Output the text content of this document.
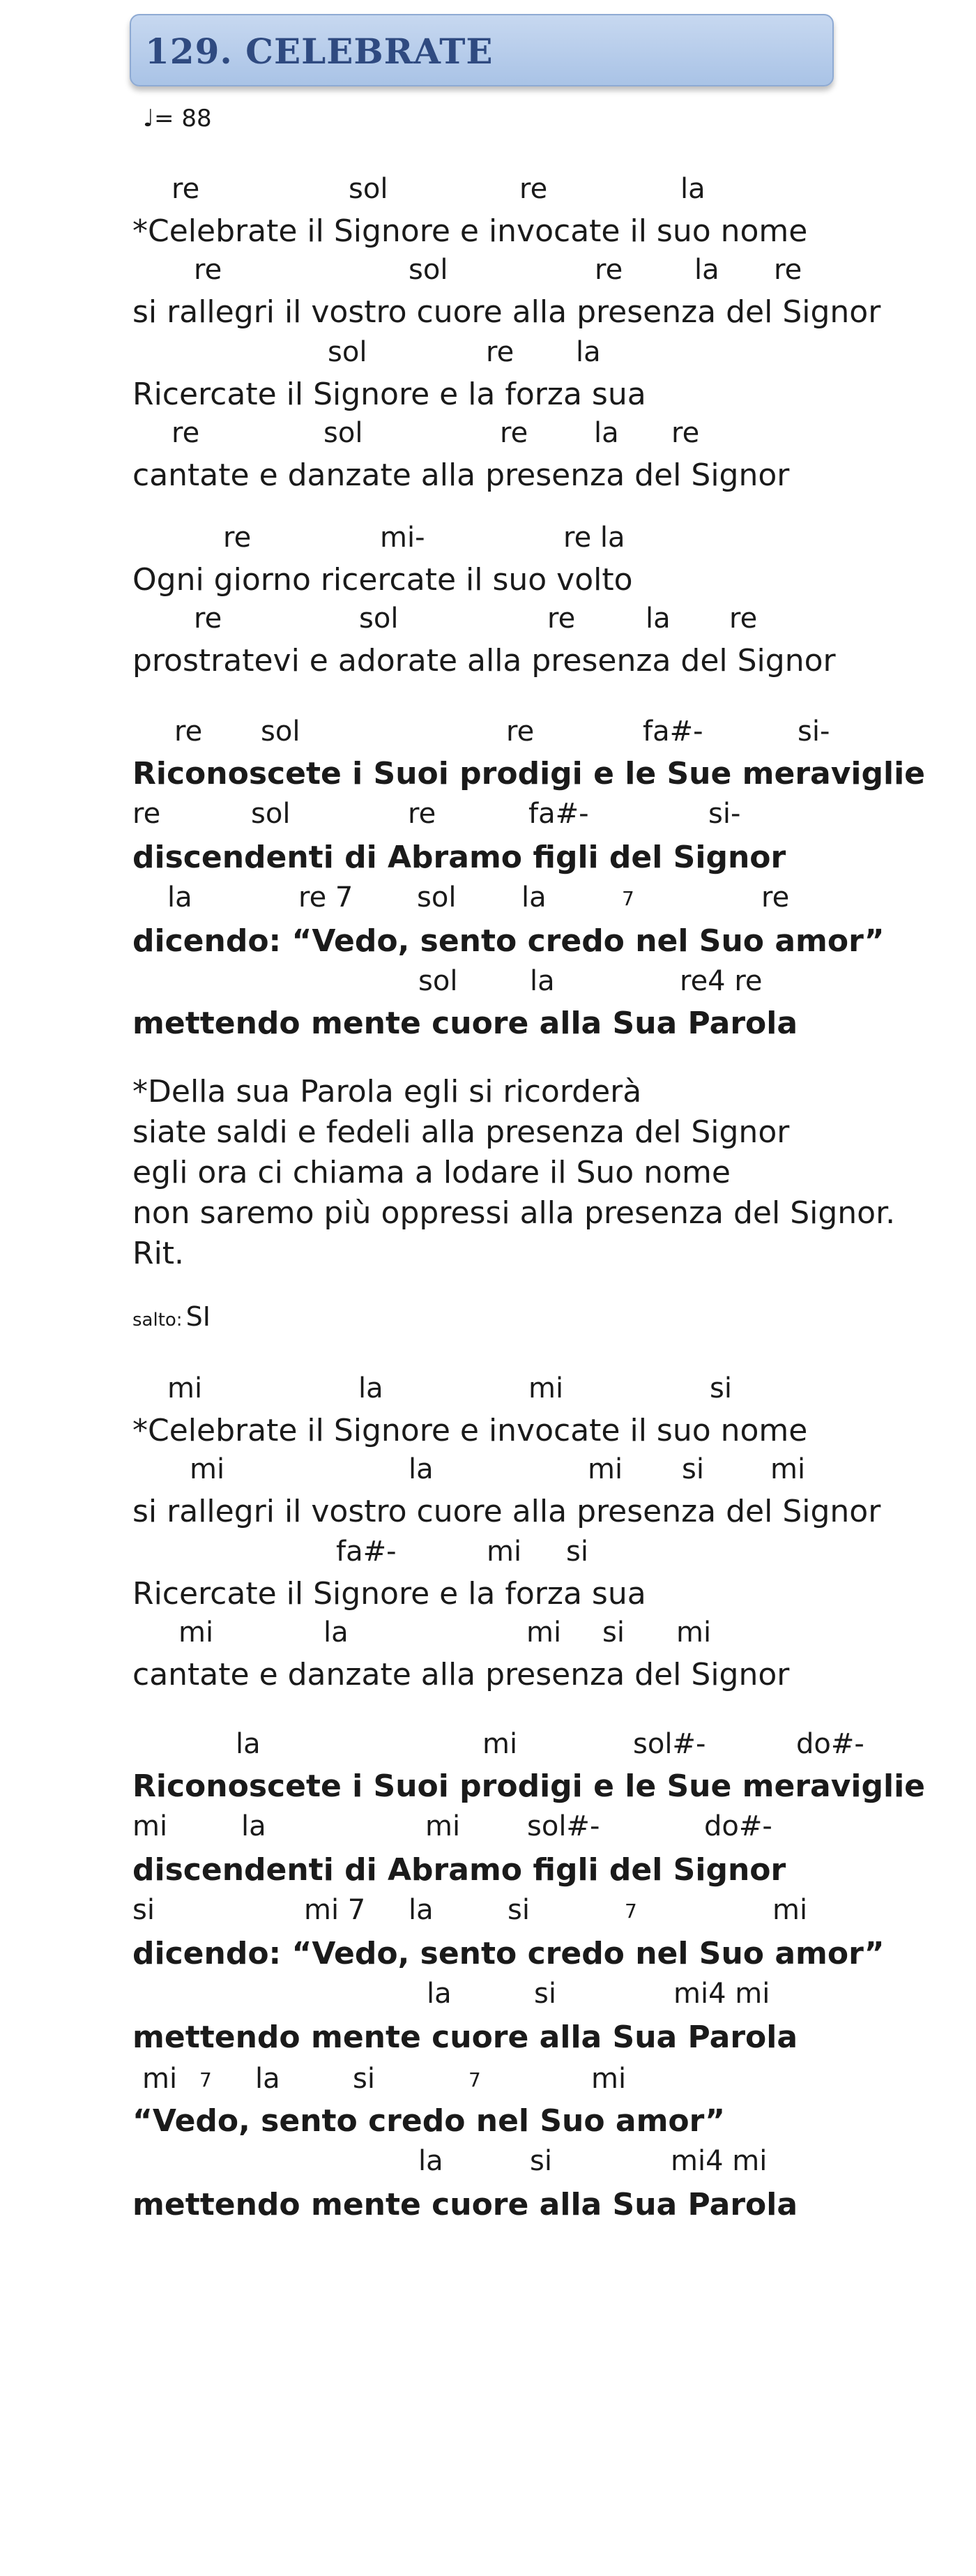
129. CELEBRATE
♩= 88
re	sol	re	la
*Celebrate il Signore e invocate il suo nome
re	sol	re	la re
si rallegri il vostro cuore alla presenza del Signor
sol	re la
Ricercate il Signore e la forza sua
re	sol	re la re
cantate e danzate alla presenza del Signor
re	mi-	re la
Ogni giorno ricercate il suo volto
re	sol	re	la re
prostratevi e adorate alla presenza del Signor
re sol	re	fa#-	si-
Riconoscete i Suoi prodigi e le Sue meraviglie
re	sol	re	fa#-	si-
discendenti di Abramo figli del Signor
la	re 7 sol la	7	re
dicendo: “Vedo, sento credo nel Suo amor”
sol	la	re4 re
mettendo mente cuore alla Sua Parola
*Della sua Parola egli si ricorderà
siate saldi e fedeli alla presenza del Signor
egli ora ci chiama a lodare il Suo nome
non saremo più oppressi alla presenza del Signor.
Rit.
salto: SI
mi	la	mi	si
*Celebrate il Signore e invocate il suo nome
mi	la	mi si mi
si rallegri il vostro cuore alla presenza del Signor
fa#-	mi si
Ricercate il Signore e la forza sua
mi	la	mi si mi
cantate e danzate alla presenza del Signor
la	mi	sol#-	do#-
Riconoscete i Suoi prodigi e le Sue meraviglie
mi	la	mi sol#-	do#-
discendenti di Abramo figli del Signor
si	mi 7 la	si	7	mi
dicendo: “Vedo, sento credo nel Suo amor”
la	si	mi4 mi
mettendo mente cuore alla Sua Parola
mi 7 la	si	7	mi
“Vedo, sento credo nel Suo amor”
la	si	mi4 mi
mettendo mente cuore alla Sua Parola
